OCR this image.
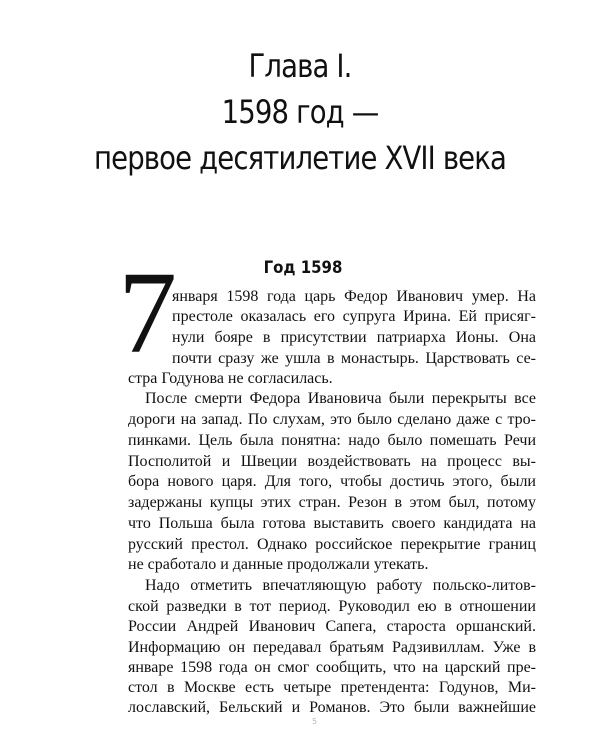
Глава I.
1598 год —
первое десятилетие XVII века
Год 1598
7
января 1598 года царь Федор Иванович умер. На
престоле оказалась его супруга Ирина. Ей присяг-
нули бояре в присутствии патриарха Ионы. Она
почти сразу же ушла в монастырь. Царствовать се-
стра Годунова не согласилась.
После смерти Федора Ивановича были перекрыты все
дороги на запад. По слухам, это было сделано даже с тро-
пинками. Цель была понятна: надо было помешать Речи
Посполитой и Швеции воздействовать на процесс вы-
бора нового царя. Для того, чтобы достичь этого, были
задержаны купцы этих стран. Резон в этом был, потому
что Польша была готова выставить своего кандидата на
русский престол. Однако российское перекрытие границ
не сработало и данные продолжали утекать.
Надо отметить впечатляющую работу польско-литов-
ской разведки в тот период. Руководил ею в отношении
России Андрей Иванович Сапега, староста оршанский.
Информацию он передавал братьям Радзивиллам. Уже в
январе 1598 года он смог сообщить, что на царский пре-
стол в Москве есть четыре претендента: Годунов, Ми-
лославский, Бельский и Романов. Это были важнейшие
5
